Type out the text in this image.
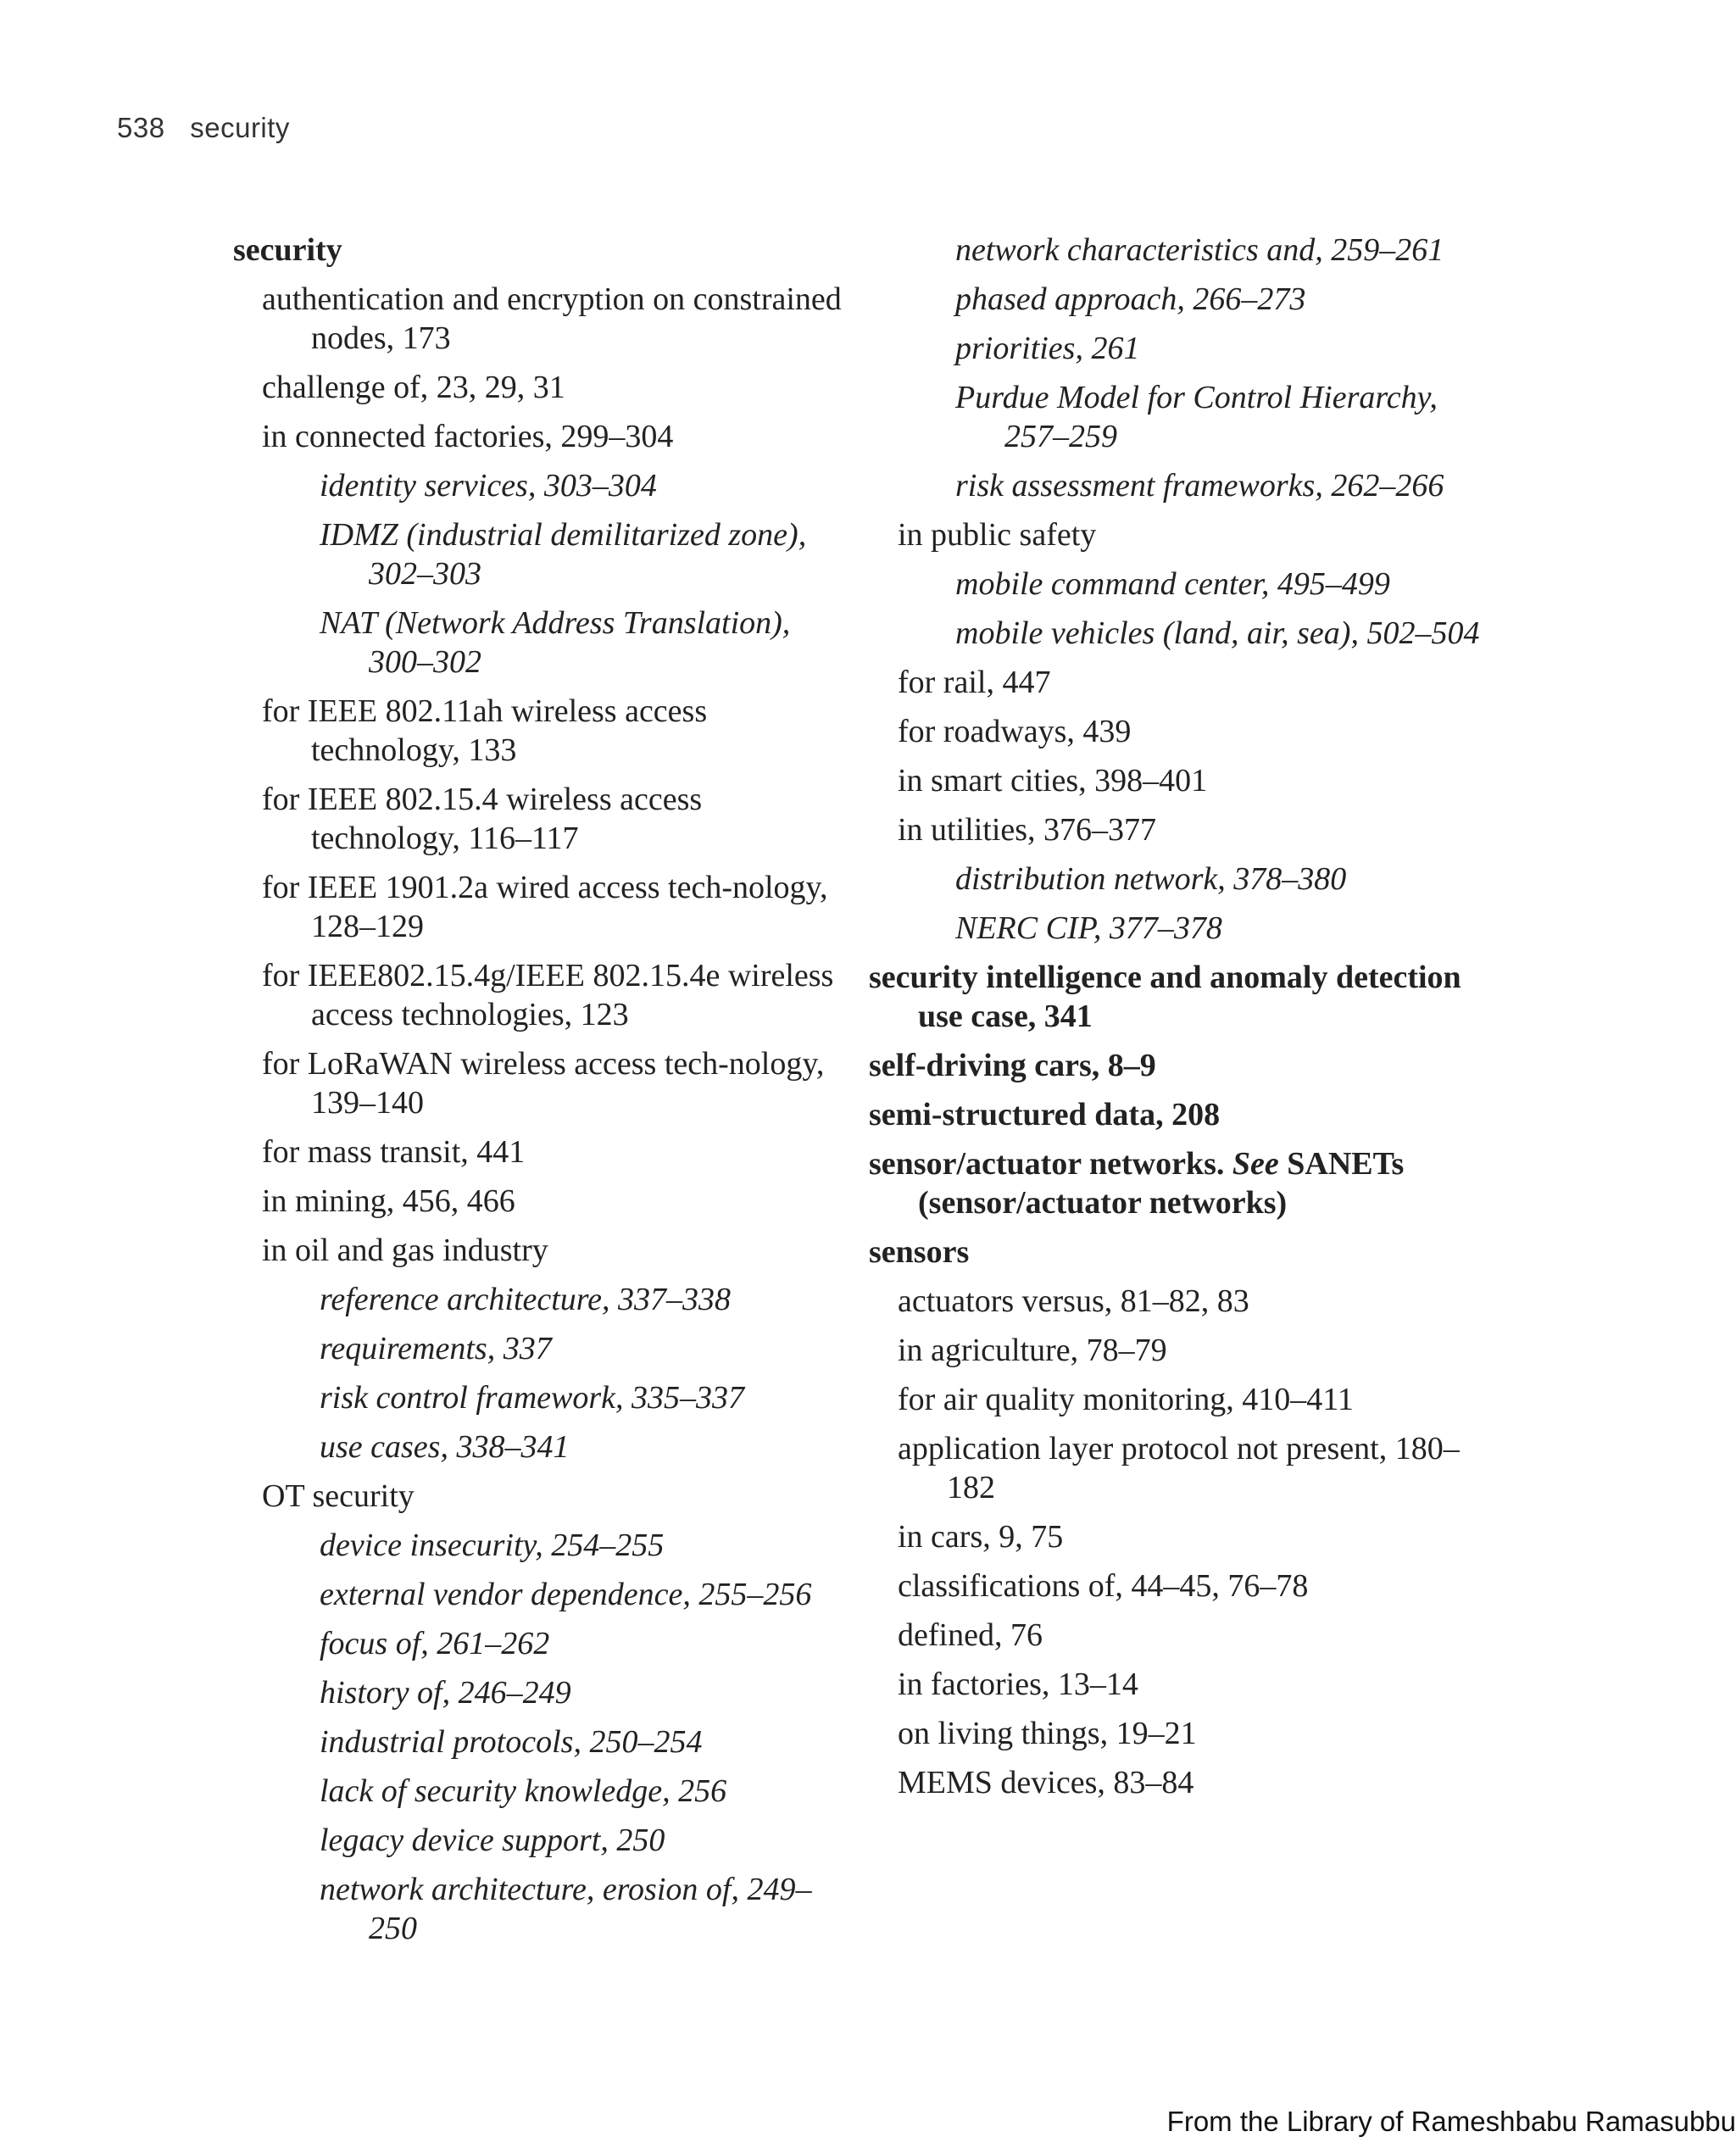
538 security
security
authentication and encryption on constrained nodes, 173
challenge of, 23, 29, 31
in connected factories, 299–304
identity services, 303–304
IDMZ (industrial demilitarized zone), 302–303
NAT (Network Address Translation), 300–302
for IEEE 802.11ah wireless access technology, 133
for IEEE 802.15.4 wireless access technology, 116–117
for IEEE 1901.2a wired access tech-nology, 128–129
for IEEE802.15.4g/IEEE 802.15.4e wireless access technologies, 123
for LoRaWAN wireless access tech-nology, 139–140
for mass transit, 441
in mining, 456, 466
in oil and gas industry
reference architecture, 337–338
requirements, 337
risk control framework, 335–337
use cases, 338–341
OT security
device insecurity, 254–255
external vendor dependence, 255–256
focus of, 261–262
history of, 246–249
industrial protocols, 250–254
lack of security knowledge, 256
legacy device support, 250
network architecture, erosion of, 249–250
network characteristics and, 259–261
phased approach, 266–273
priorities, 261
Purdue Model for Control Hierarchy, 257–259
risk assessment frameworks, 262–266
in public safety
mobile command center, 495–499
mobile vehicles (land, air, sea), 502–504
for rail, 447
for roadways, 439
in smart cities, 398–401
in utilities, 376–377
distribution network, 378–380
NERC CIP, 377–378
security intelligence and anomaly detection use case, 341
self-driving cars, 8–9
semi-structured data, 208
sensor/actuator networks. See SANETs (sensor/actuator networks)
sensors
actuators versus, 81–82, 83
in agriculture, 78–79
for air quality monitoring, 410–411
application layer protocol not present, 180–182
in cars, 9, 75
classifications of, 44–45, 76–78
defined, 76
in factories, 13–14
on living things, 19–21
MEMS devices, 83–84
From the Library of Rameshbabu Ramasubbu
